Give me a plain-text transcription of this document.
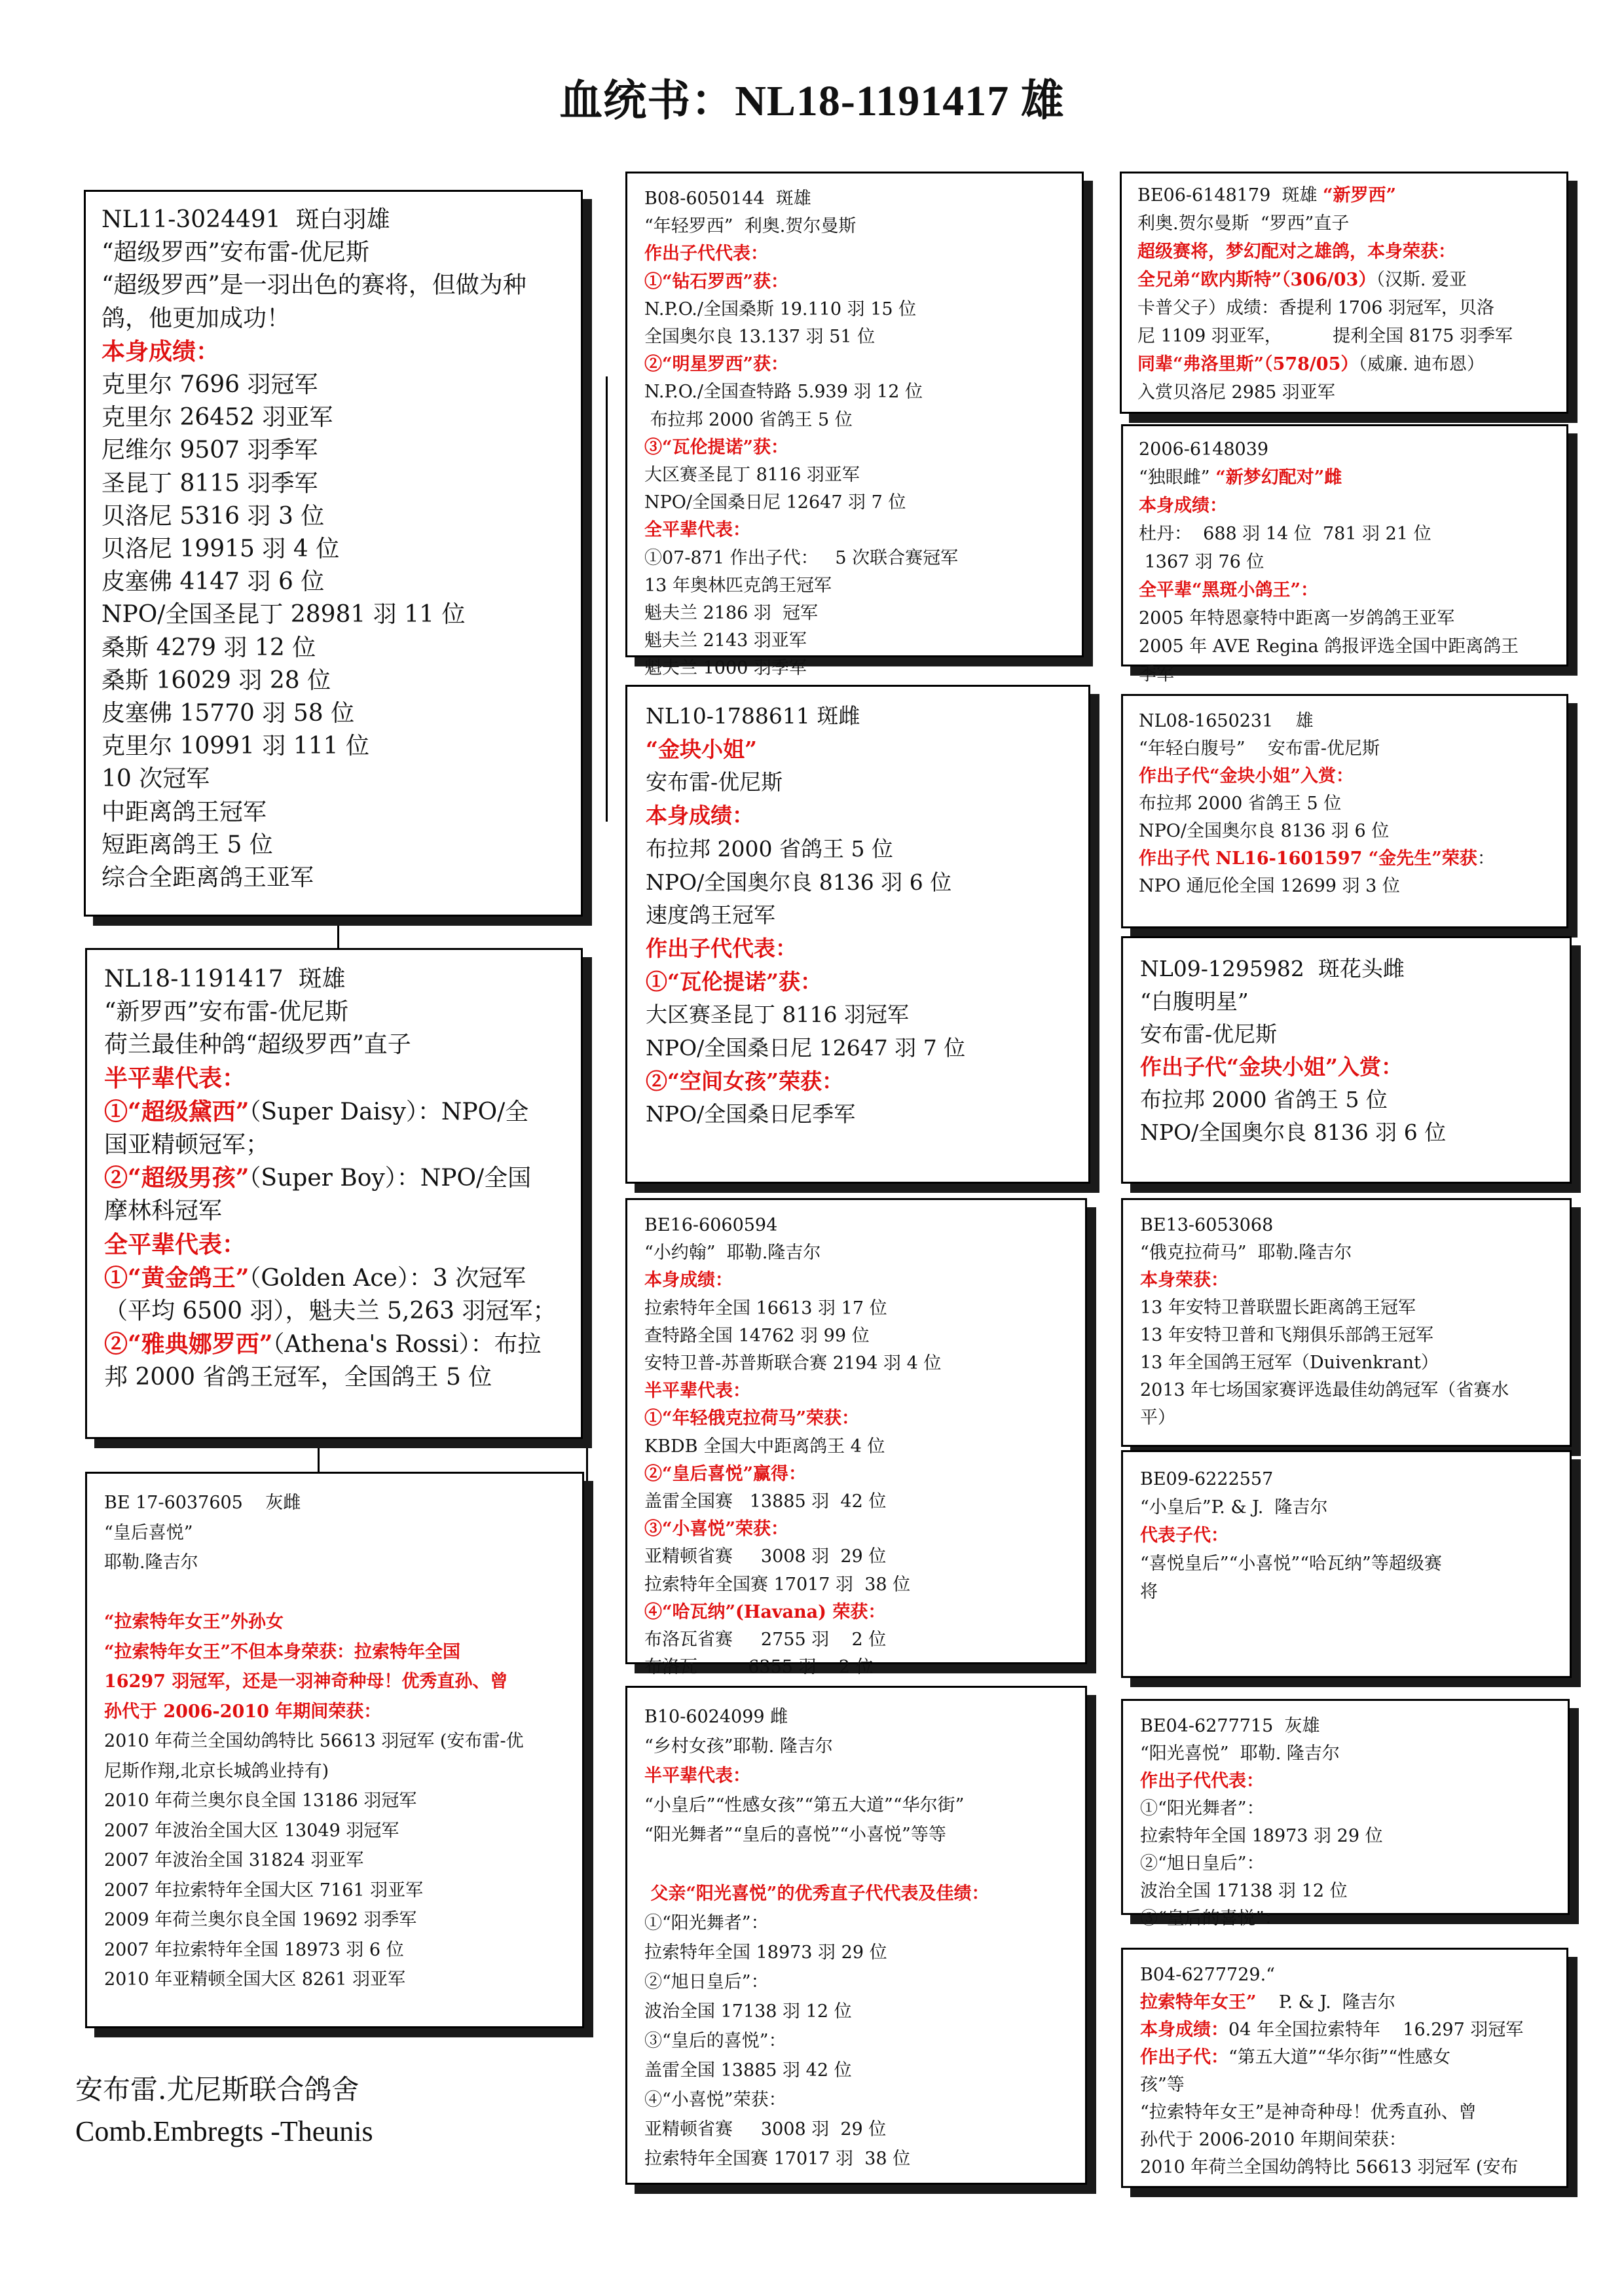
血统书：NL18-1191417 雄
NL11-3024491  斑白羽雄
“超级罗西”安布雷-优尼斯
“超级罗西”是一羽出色的赛将，但做为种
鸽，他更加成功！
本身成绩：
克里尔 7696 羽冠军
克里尔 26452 羽亚军
尼维尔 9507 羽季军
圣昆丁 8115 羽季军
贝洛尼 5316 羽 3 位
贝洛尼 19915 羽 4 位
皮塞佛 4147 羽 6 位
NPO/全国圣昆丁 28981 羽 11 位
桑斯 4279 羽 12 位
桑斯 16029 羽 28 位
皮塞佛 15770 羽 58 位
克里尔 10991 羽 111 位
10 次冠军
中距离鸽王冠军
短距离鸽王 5 位
综合全距离鸽王亚军
NL18-1191417  斑雄
“新罗西”安布雷-优尼斯
荷兰最佳种鸽“超级罗西”直子
半平辈代表：
①“超级黛西”（Super Daisy）：NPO/全
国亚精顿冠军；
②“超级男孩”（Super Boy）：NPO/全国
摩林科冠军
全平辈代表：
①“黄金鸽王”（Golden Ace）：3 次冠军
（平均 6500 羽），魁夫兰 5,263 羽冠军；
②“雅典娜罗西”（Athena's Rossi）：布拉
邦 2000 省鸽王冠军，全国鸽王 5 位
BE 17-6037605    灰雌
“皇后喜悦”
耶勒.隆吉尔

“拉索特年女王”外孙女
“拉索特年女王”不但本身荣获：拉索特年全国
16297 羽冠军，还是一羽神奇种母！优秀直孙、曾
孙代于 2006-2010 年期间荣获：
2010 年荷兰全国幼鸽特比 56613 羽冠军 (安布雷-优
尼斯作翔,北京长城鸽业持有)
2010 年荷兰奥尔良全国 13186 羽冠军
2007 年波治全国大区 13049 羽冠军
2007 年波治全国 31824 羽亚军
2007 年拉索特年全国大区 7161 羽亚军
2009 年荷兰奥尔良全国 19692 羽季军
2007 年拉索特年全国 18973 羽 6 位
2010 年亚精顿全国大区 8261 羽亚军
B08-6050144  斑雄
“年轻罗西”  利奥.贺尔曼斯
作出子代代表：
①“钻石罗西”获：
N.P.O./全国桑斯 19.110 羽 15 位
全国奥尔良 13.137 羽 51 位
②“明星罗西”获：
N.P.O./全国查特路 5.939 羽 12 位
布拉邦 2000 省鸽王 5 位
③“瓦伦提诺”获：
大区赛圣昆丁 8116 羽亚军
NPO/全国桑日尼 12647 羽 7 位
全平辈代表：
①07-871 作出子代：   5 次联合赛冠军
13 年奥林匹克鸽王冠军
魁夫兰 2186 羽  冠军
魁夫兰 2143 羽亚军
魁夫兰 1000 羽季军
NL10-1788611 斑雌
“金块小姐”
安布雷-优尼斯
本身成绩：
布拉邦 2000 省鸽王 5 位
NPO/全国奥尔良 8136 羽 6 位
速度鸽王冠军
作出子代代表：
①“瓦伦提诺”获：
大区赛圣昆丁 8116 羽冠军
NPO/全国桑日尼 12647 羽 7 位
②“空间女孩”荣获：
NPO/全国桑日尼季军
BE16-6060594
“小约翰”  耶勒.隆吉尔
本身成绩：
拉索特年全国 16613 羽 17 位
查特路全国 14762 羽 99 位
安特卫普-苏普斯联合赛 2194 羽 4 位
半平辈代表：
①“年轻俄克拉荷马”荣获：
KBDB 全国大中距离鸽王 4 位
②“皇后喜悦”赢得：
盖雷全国赛   13885 羽  42 位
③“小喜悦”荣获：
亚精顿省赛     3008 羽  29 位
拉索特年全国赛 17017 羽  38 位
④“哈瓦纳”(Havana) 荣获：
布洛瓦省赛     2755 羽    2 位
布洛瓦         6355 羽    2 位
B10-6024099 雌
“乡村女孩”耶勒. 隆吉尔
半平辈代表：
“小皇后”“性感女孩”“第五大道”“华尔街”
“阳光舞者”“皇后的喜悦”“小喜悦”等等

父亲“阳光喜悦”的优秀直子代代表及佳绩：
①“阳光舞者”：
拉索特年全国 18973 羽 29 位
②“旭日皇后”：
波治全国 17138 羽 12 位
③“皇后的喜悦”：
盖雷全国 13885 羽 42 位
④“小喜悦”荣获：
亚精顿省赛     3008 羽  29 位
拉索特年全国赛 17017 羽  38 位
BE06-6148179  斑雄 “新罗西”
利奥.贺尔曼斯  “罗西”直子
超级赛将，梦幻配对之雄鸽，本身荣获：
全兄弟“欧内斯特”（306/03）（汉斯. 爱亚
卡普父子）成绩：香提利 1706 羽冠军，贝洛
尼 1109 羽亚军，         提利全国 8175 羽季军
同辈“弗洛里斯”（578/05）（威廉. 迪布恩）
入赏贝洛尼 2985 羽亚军
2006-6148039
“独眼雌” “新梦幻配对”雌
本身成绩：
杜丹：  688 羽 14 位  781 羽 21 位
1367 羽 76 位
全平辈“黑斑小鸽王”：
2005 年特恩豪特中距离一岁鸽鸽王亚军
2005 年 AVE Regina 鸽报评选全国中距离鸽王
季军
NL08-1650231    雄
“年轻白腹号”    安布雷-优尼斯
作出子代“金块小姐”入赏：
布拉邦 2000 省鸽王 5 位
NPO/全国奥尔良 8136 羽 6 位
作出子代 NL16-1601597 “金先生”荣获：
NPO 通厄伦全国 12699 羽 3 位
NL09-1295982  斑花头雌
“白腹明星”
安布雷-优尼斯
作出子代“金块小姐”入赏：
布拉邦 2000 省鸽王 5 位
NPO/全国奥尔良 8136 羽 6 位
BE13-6053068
“俄克拉荷马”  耶勒.隆吉尔
本身荣获：
13 年安特卫普联盟长距离鸽王冠军
13 年安特卫普和飞翔俱乐部鸽王冠军
13 年全国鸽王冠军（Duivenkrant）
2013 年七场国家赛评选最佳幼鸽冠军（省赛水
平）
BE09-6222557
“小皇后”P. & J.  隆吉尔
代表子代：
“喜悦皇后”“小喜悦”“哈瓦纳”等超级赛
将
BE04-6277715  灰雄
“阳光喜悦”  耶勒. 隆吉尔
作出子代代表：
①“阳光舞者”：
拉索特年全国 18973 羽 29 位
②“旭日皇后”：
波治全国 17138 羽 12 位
③“皇后的喜悦”：
B04-6277729.“
拉索特年女王”    P. & J.  隆吉尔
本身成绩：04 年全国拉索特年    16.297 羽冠军
作出子代：“第五大道”“华尔街”“性感女
孩”等
“拉索特年女王”是神奇种母！优秀直孙、曾
孙代于 2006-2010 年期间荣获：
2010 年荷兰全国幼鸽特比 56613 羽冠军 (安布
安布雷.尤尼斯联合鸽舍
Comb.Embregts -Theunis
